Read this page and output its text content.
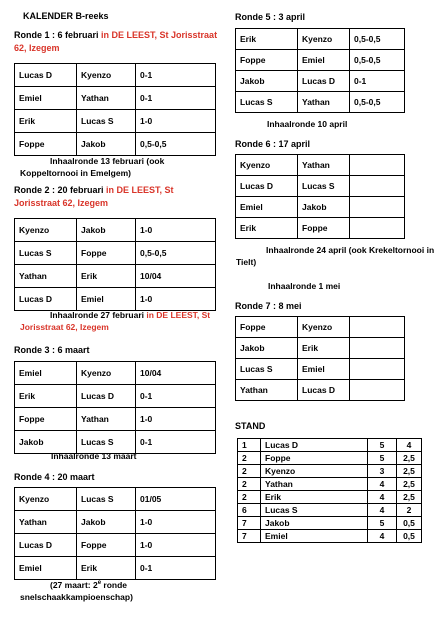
KALENDER B-reeks
Ronde 1 : 6 februari in DE LEEST, St Jorisstraat 62, Izegem
Lucas D	Kyenzo	0-1
Emiel	Yathan	0-1
Erik	Lucas S	1-0
Foppe	Jakob	0,5-0,5
Inhaalronde 13 februari (ook Koppeltornooi in Emelgem)
Ronde 2 : 20 februari in DE LEEST, St Jorisstraat 62, Izegem
Kyenzo	Jakob	1-0
Lucas S	Foppe	0,5-0,5
Yathan	Erik	10/04
Lucas D	Emiel	1-0
Inhaalronde 27 februari in DE LEEST, St Jorisstraat 62, Izegem
Ronde 3 : 6 maart
Emiel	Kyenzo	10/04
Erik	Lucas D	0-1
Foppe	Yathan	1-0
Jakob	Lucas S	0-1
Inhaalronde 13 maart
Ronde 4 : 20 maart
Kyenzo	Lucas S	01/05
Yathan	Jakob	1-0
Lucas D	Foppe	1-0
Emiel	Erik	0-1
(27 maart: 2e ronde snelschaakkampioenschap)
Ronde 5 : 3 april
Erik	Kyenzo	0,5-0,5
Foppe	Emiel	0,5-0,5
Jakob	Lucas D	0-1
Lucas S	Yathan	0,5-0,5
Inhaalronde 10 april
Ronde 6 : 17 april
Kyenzo	Yathan	
Lucas D	Lucas S	
Emiel	Jakob	
Erik	Foppe	
Inhaalronde 24 april (ook Krekeltornooi in Tielt)
Inhaalronde 1 mei
Ronde 7 : 8 mei
Foppe	Kyenzo	
Jakob	Erik	
Lucas S	Emiel	
Yathan	Lucas D	
STAND
1	Lucas D	5	4
2	Foppe	5	2,5
2	Kyenzo	3	2,5
2	Yathan	4	2,5
2	Erik	4	2,5
6	Lucas S	4	2
7	Jakob	5	0,5
7	Emiel	4	0,5
